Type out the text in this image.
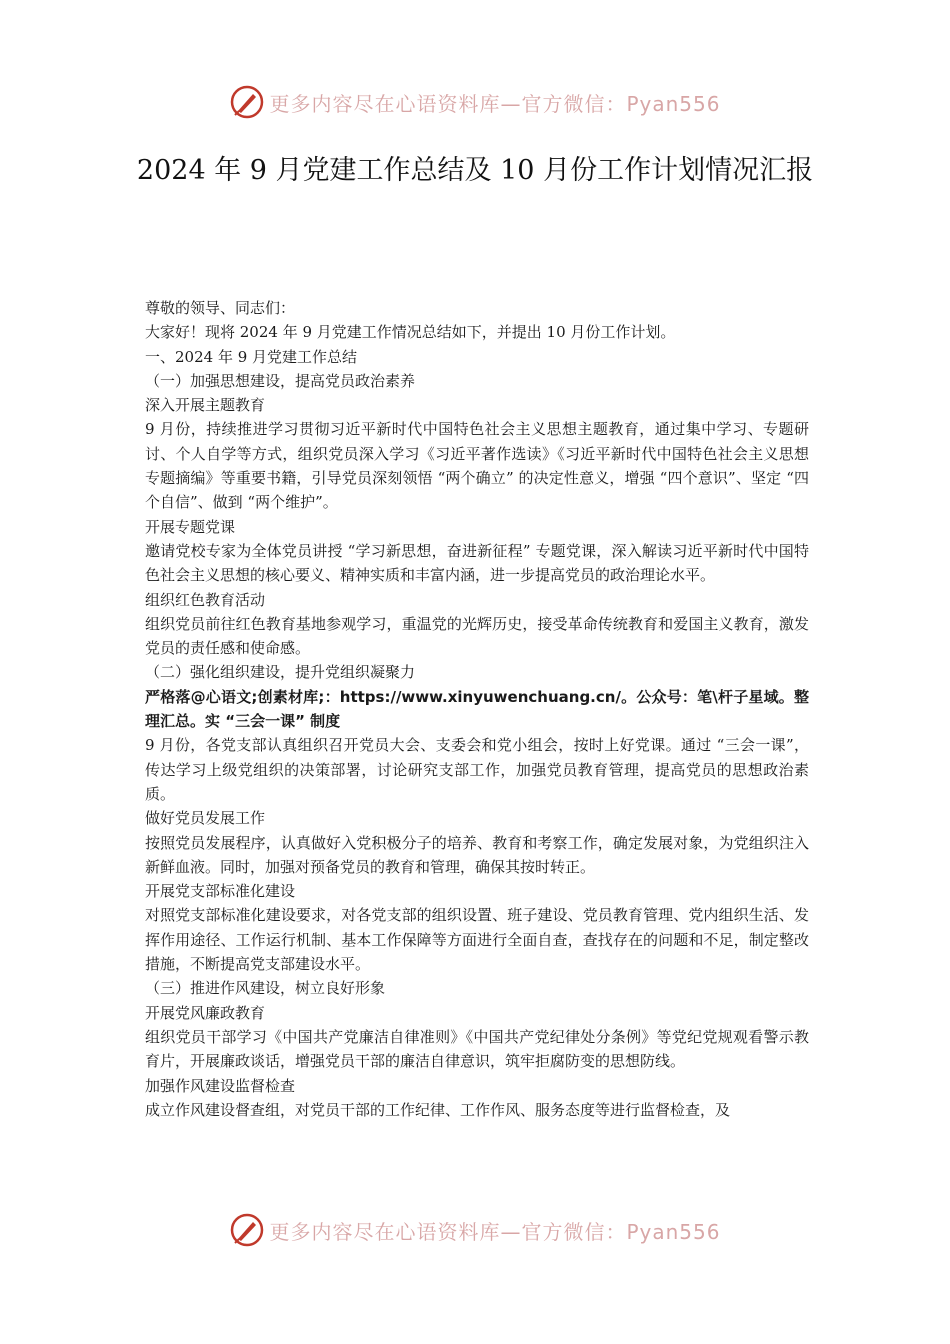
更多内容尽在心语资料库—官方微信：Pyan556
2024 年 9 月党建工作总结及 10 月份工作计划情况汇报

尊敬的领导、同志们：

大家好！现将 2024 年 9 月党建工作情况总结如下，并提出 10 月份工作计划。

一、2024 年 9 月党建工作总结

（一）加强思想建设，提高党员政治素养

深入开展主题教育

9 月份，持续推进学习贯彻习近平新时代中国特色社会主义思想主题教育，通过集中学习、专题研讨、个人自学等方式，组织党员深入学习《习近平著作选读》《习近平新时代中国特色社会主义思想专题摘编》等重要书籍，引导党员深刻领悟 “两个确立” 的决定性意义，增强 “四个意识”、坚定 “四个自信”、做到 “两个维护”。

开展专题党课

邀请党校专家为全体党员讲授 “学习新思想，奋进新征程” 专题党课，深入解读习近平新时代中国特色社会主义思想的核心要义、精神实质和丰富内涵，进一步提高党员的政治理论水平。

组织红色教育活动

组织党员前往红色教育基地参观学习，重温党的光辉历史，接受革命传统教育和爱国主义教育，激发党员的责任感和使命感。

（二）强化组织建设，提升党组织凝聚力

严格落@心语文;创素材库;：https://www.xinyuwenchuang.cn/。公众号：笔\杆子星域。整理汇总。实 “三会一课” 制度

9 月份，各党支部认真组织召开党员大会、支委会和党小组会，按时上好党课。通过 “三会一课”，传达学习上级党组织的决策部署，讨论研究支部工作，加强党员教育管理，提高党员的思想政治素质。

做好党员发展工作

按照党员发展程序，认真做好入党积极分子的培养、教育和考察工作，确定发展对象，为党组织注入新鲜血液。同时，加强对预备党员的教育和管理，确保其按时转正。

开展党支部标准化建设

对照党支部标准化建设要求，对各党支部的组织设置、班子建设、党员教育管理、党内组织生活、发挥作用途径、工作运行机制、基本工作保障等方面进行全面自查，查找存在的问题和不足，制定整改措施，不断提高党支部建设水平。

（三）推进作风建设，树立良好形象

开展党风廉政教育

组织党员干部学习《中国共产党廉洁自律准则》《中国共产党纪律处分条例》等党纪党规观看警示教育片，开展廉政谈话，增强党员干部的廉洁自律意识，筑牢拒腐防变的思想防线。

加强作风建设监督检查

成立作风建设督查组，对党员干部的工作纪律、工作作风、服务态度等进行监督检查，及

更多内容尽在心语资料库—官方微信：Pyan556
